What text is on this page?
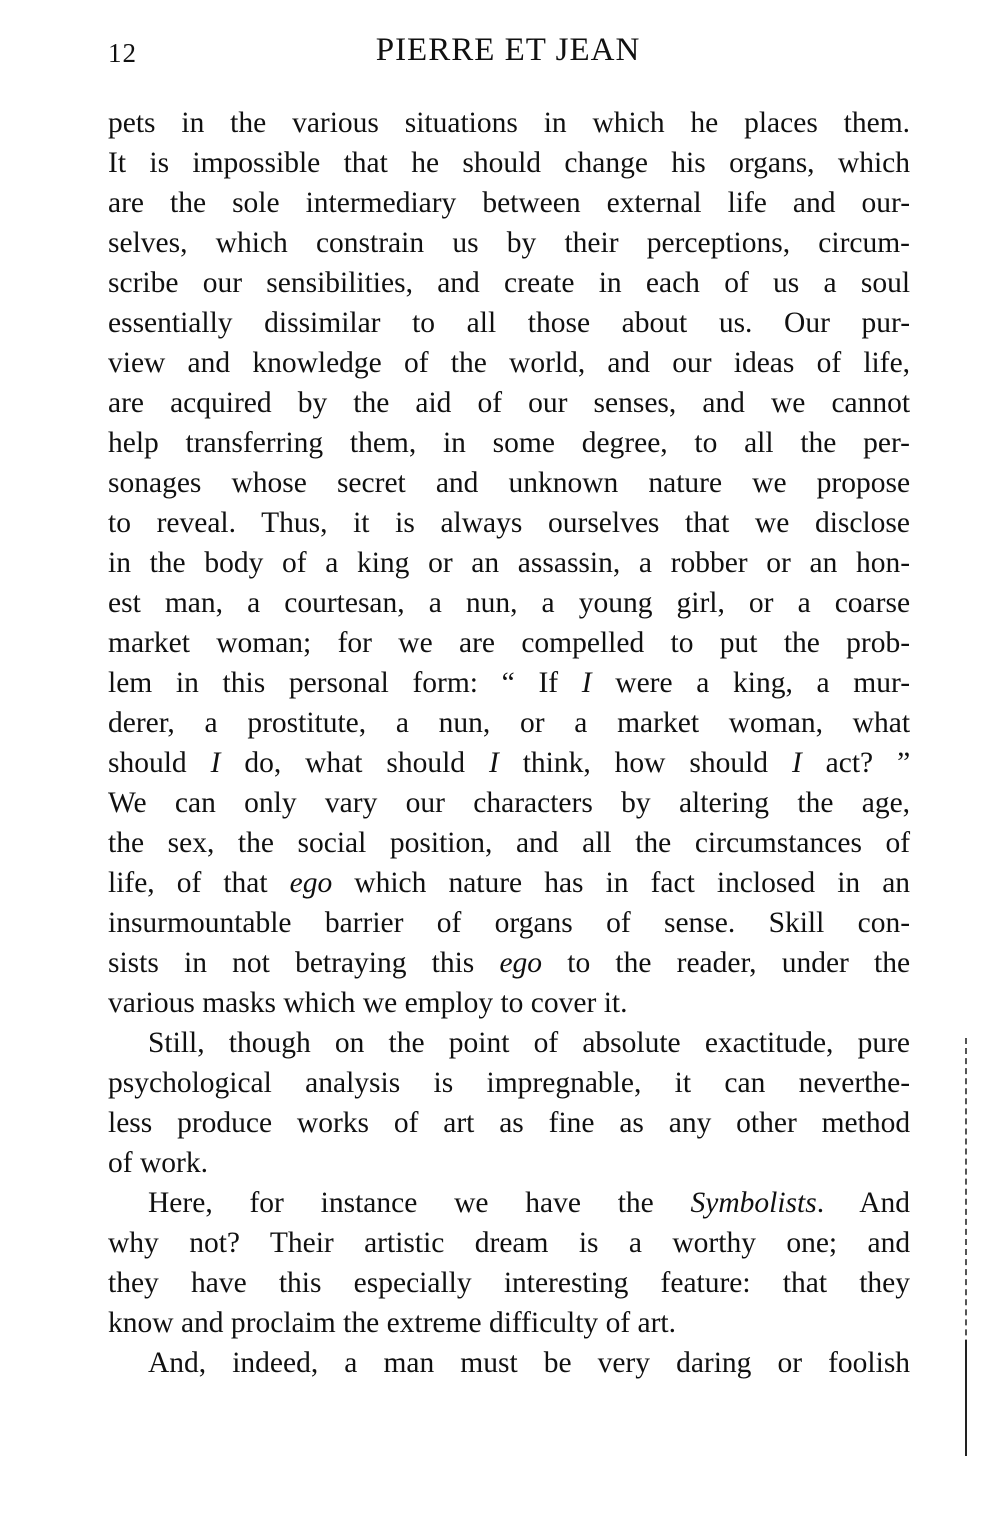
12	PIERRE ET JEAN
pets in the various situations in which he places them.
It is impossible that he should change his organs, which
are the sole intermediary between external life and our-
selves, which constrain us by their perceptions, circum-
scribe our sensibilities, and create in each of us a soul
essentially dissimilar to all those about us. Our pur-
view and knowledge of the world, and our ideas of life,
are acquired by the aid of our senses, and we cannot
help transferring them, in some degree, to all the per-
sonages whose secret and unknown nature we propose
to reveal. Thus, it is always ourselves that we disclose
in the body of a king or an assassin, a robber or an hon-
est man, a courtesan, a nun, a young girl, or a coarse
market woman; for we are compelled to put the prob-
lem in this personal form: “ If I were a king, a mur-
derer, a prostitute, a nun, or a market woman, what
should I do, what should I think, how should I act? ”
We can only vary our characters by altering the age,
the sex, the social position, and all the circumstances of
life, of that ego which nature has in fact inclosed in an
insurmountable barrier of organs of sense. Skill con-
sists in not betraying this ego to the reader, under the
various masks which we employ to cover it.
Still, though on the point of absolute exactitude, pure
psychological analysis is impregnable, it can neverthe-
less produce works of art as fine as any other method
of work.
Here, for instance we have the Symbolists. And
why not? Their artistic dream is a worthy one; and
they have this especially interesting feature: that they
know and proclaim the extreme difficulty of art.
And, indeed, a man must be very daring or foolish
